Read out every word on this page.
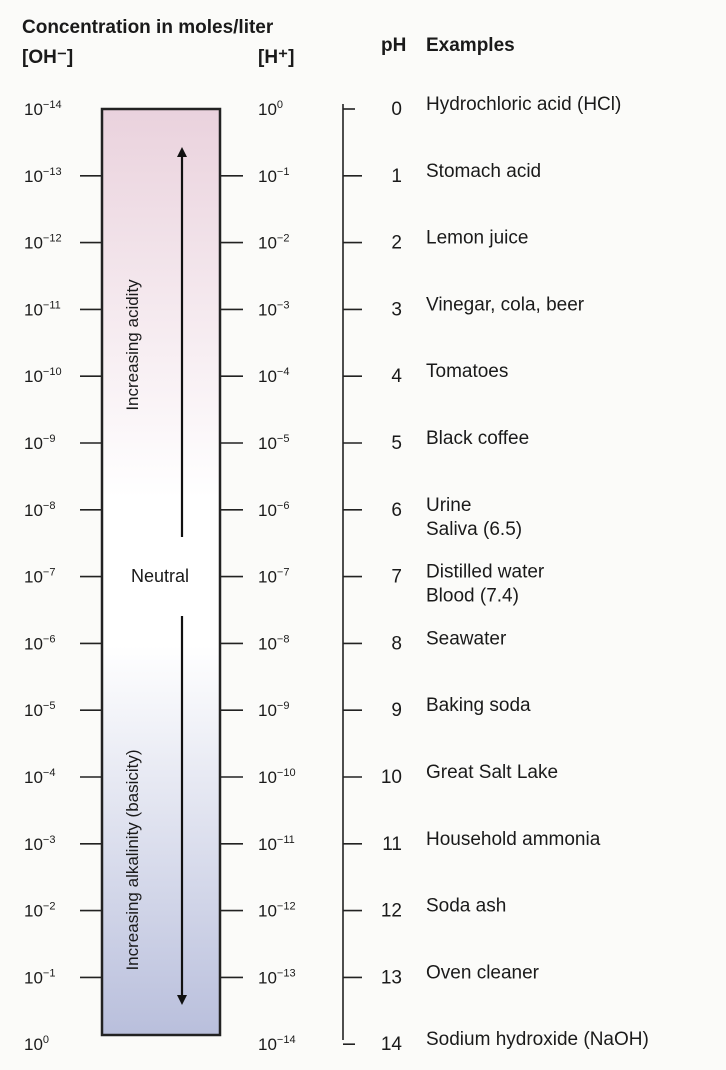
Concentration in moles/liter
[OH⁻]	[H⁺]
pH Examples
$10^{-14}$	$10^0$	0 Hydrochloric acid (HCl)
$10^{-13}$	$10^{-1}$	1 Stomach acid
$10^{-12}$	$10^{-2}$	2 Lemon juice
$10^{-11}$	$10^{-3}$	3 Vinegar, cola, beer
$10^{-10}$	$10^{-4}$	4 Tomatoes
$10^{-9}$	$10^{-5}$	5 Black coffee
$10^{-8}$	$10^{-6}$	6 Urine
Saliva (6.5)
$10^{-7}$	$10^{-7}$	7 Distilled water
Blood (7.4)
$10^{-6}$	$10^{-8}$	8 Seawater
$10^{-5}$	$10^{-9}$	9 Baking soda
$10^{-4}$	$10^{-10}$	10 Great Salt Lake
$10^{-3}$	$10^{-11}$	11 Household ammonia
$10^{-2}$	$10^{-12}$	12 Soda ash
$10^{-1}$	$10^{-13}$	13 Oven cleaner
$10^0$	$10^{-14}$	14 Sodium hydroxide (NaOH)
Increasing acidity
Increasing alkalinity (basicity)
Neutral
